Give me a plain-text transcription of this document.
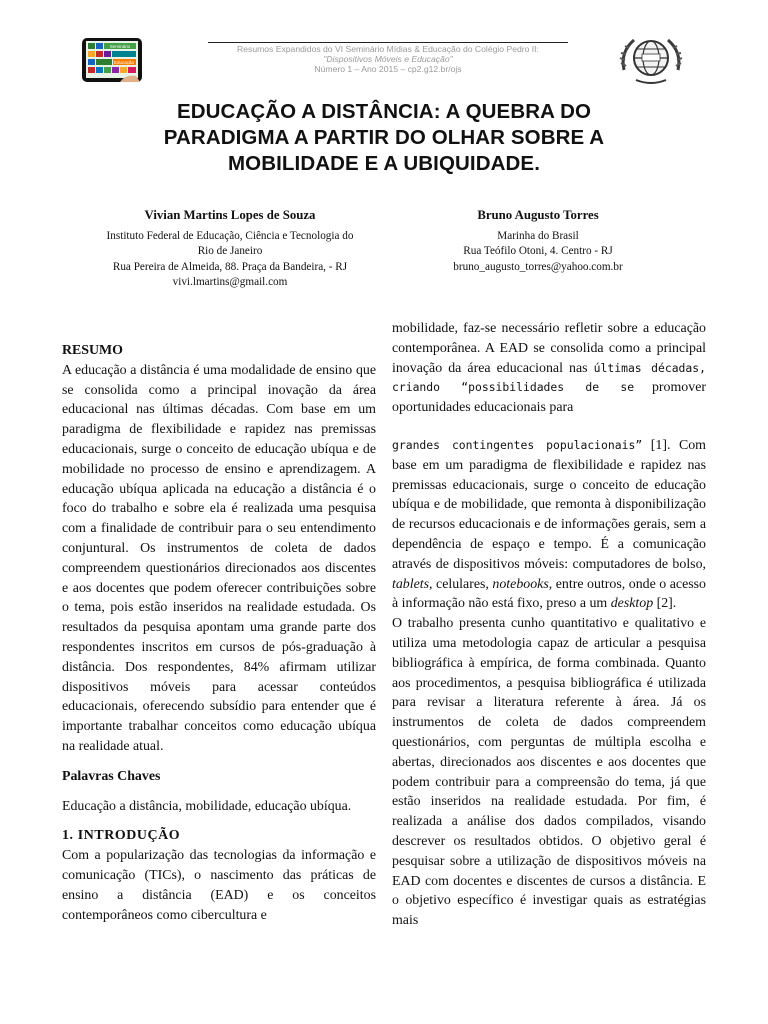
Resumos Expandidos do VI Seminário Mídias & Educação do Colégio Pedro II:
"Dispositivos Móveis e Educação"
Número 1 – Ano 2015 – cp2.g12.br/ojs
Seminário
Educação
EDUCAÇÃO A DISTÂNCIA: A QUEBRA DO
PARADIGMA A PARTIR DO OLHAR SOBRE A
MOBILIDADE E A UBIQUIDADE.
Vivian Martins Lopes de Souza
Instituto Federal de Educação, Ciência e Tecnologia do
Rio de Janeiro
Rua Pereira de Almeida, 88. Praça da Bandeira, - RJ
vivi.lmartins@gmail.com
Bruno Augusto Torres
Marinha do Brasil
Rua Teófilo Otoni, 4. Centro - RJ
bruno_augusto_torres@yahoo.com.br

RESUMO

A educação a distância é uma modalidade de ensino que se consolida como a principal inovação da área educacional nas últimas décadas. Com base em um paradigma de flexibilidade e rapidez nas premissas educacionais, surge o conceito de educação ubíqua e de mobilidade no processo de ensino e aprendizagem. A educação ubíqua aplicada na educação a distância é o foco do trabalho e sobre ela é realizada uma pesquisa com a finalidade de contribuir para o seu entendimento conjuntural. Os instrumentos de coleta de dados compreendem questionários direcionados aos discentes e aos docentes que podem oferecer contribuições sobre o tema, pois estão inseridos na realidade estudada. Os resultados da pesquisa apontam uma grande parte dos respondentes inscritos em cursos de pós-graduação à distância. Dos respondentes, 84% afirmam utilizar dispositivos móveis para acessar conteúdos educacionais, oferecendo subsídio para entender que é importante trabalhar conceitos como educação ubíqua na realidade atual.

Palavras Chaves

Educação a distância, mobilidade, educação ubíqua.

1. INTRODUÇÃO

Com a popularização das tecnologias da informação e comunicação (TICs), o nascimento das práticas de ensino a distância (EAD) e os conceitos contemporâneos como cibercultura e

mobilidade, faz-se necessário refletir sobre a educação contemporânea. A EAD se consolida como a principal inovação da área educacional nas últimas décadas, criando “possibilidades de se promover oportunidades educacionais para

grandes contingentes populacionais” [1]. Com base em um paradigma de flexibilidade e rapidez nas premissas educacionais, surge o conceito de educação ubíqua e de mobilidade, que remonta à disponibilização de recursos educacionais e de informações gerais, sem a dependência de espaço e tempo. É a comunicação através de dispositivos móveis: computadores de bolso, tablets, celulares, notebooks, entre outros, onde o acesso à informação não está fixo, preso a um desktop [2].

O trabalho presenta cunho quantitativo e qualitativo e utiliza uma metodologia capaz de articular a pesquisa bibliográfica à empírica, de forma combinada. Quanto aos procedimentos, a pesquisa bibliográfica é utilizada para revisar a literatura referente à área. Já os instrumentos de coleta de dados compreendem questionários, com perguntas de múltipla escolha e abertas, direcionados aos discentes e aos docentes que podem contribuir para a compreensão do tema, já que estão inseridos na realidade estudada. Por fim, é realizada a análise dos dados compilados, visando descrever os resultados obtidos. O objetivo geral é pesquisar sobre a utilização de dispositivos móveis na EAD com docentes e discentes de cursos a distância. E o objetivo específico é investigar quais as estratégias mais
